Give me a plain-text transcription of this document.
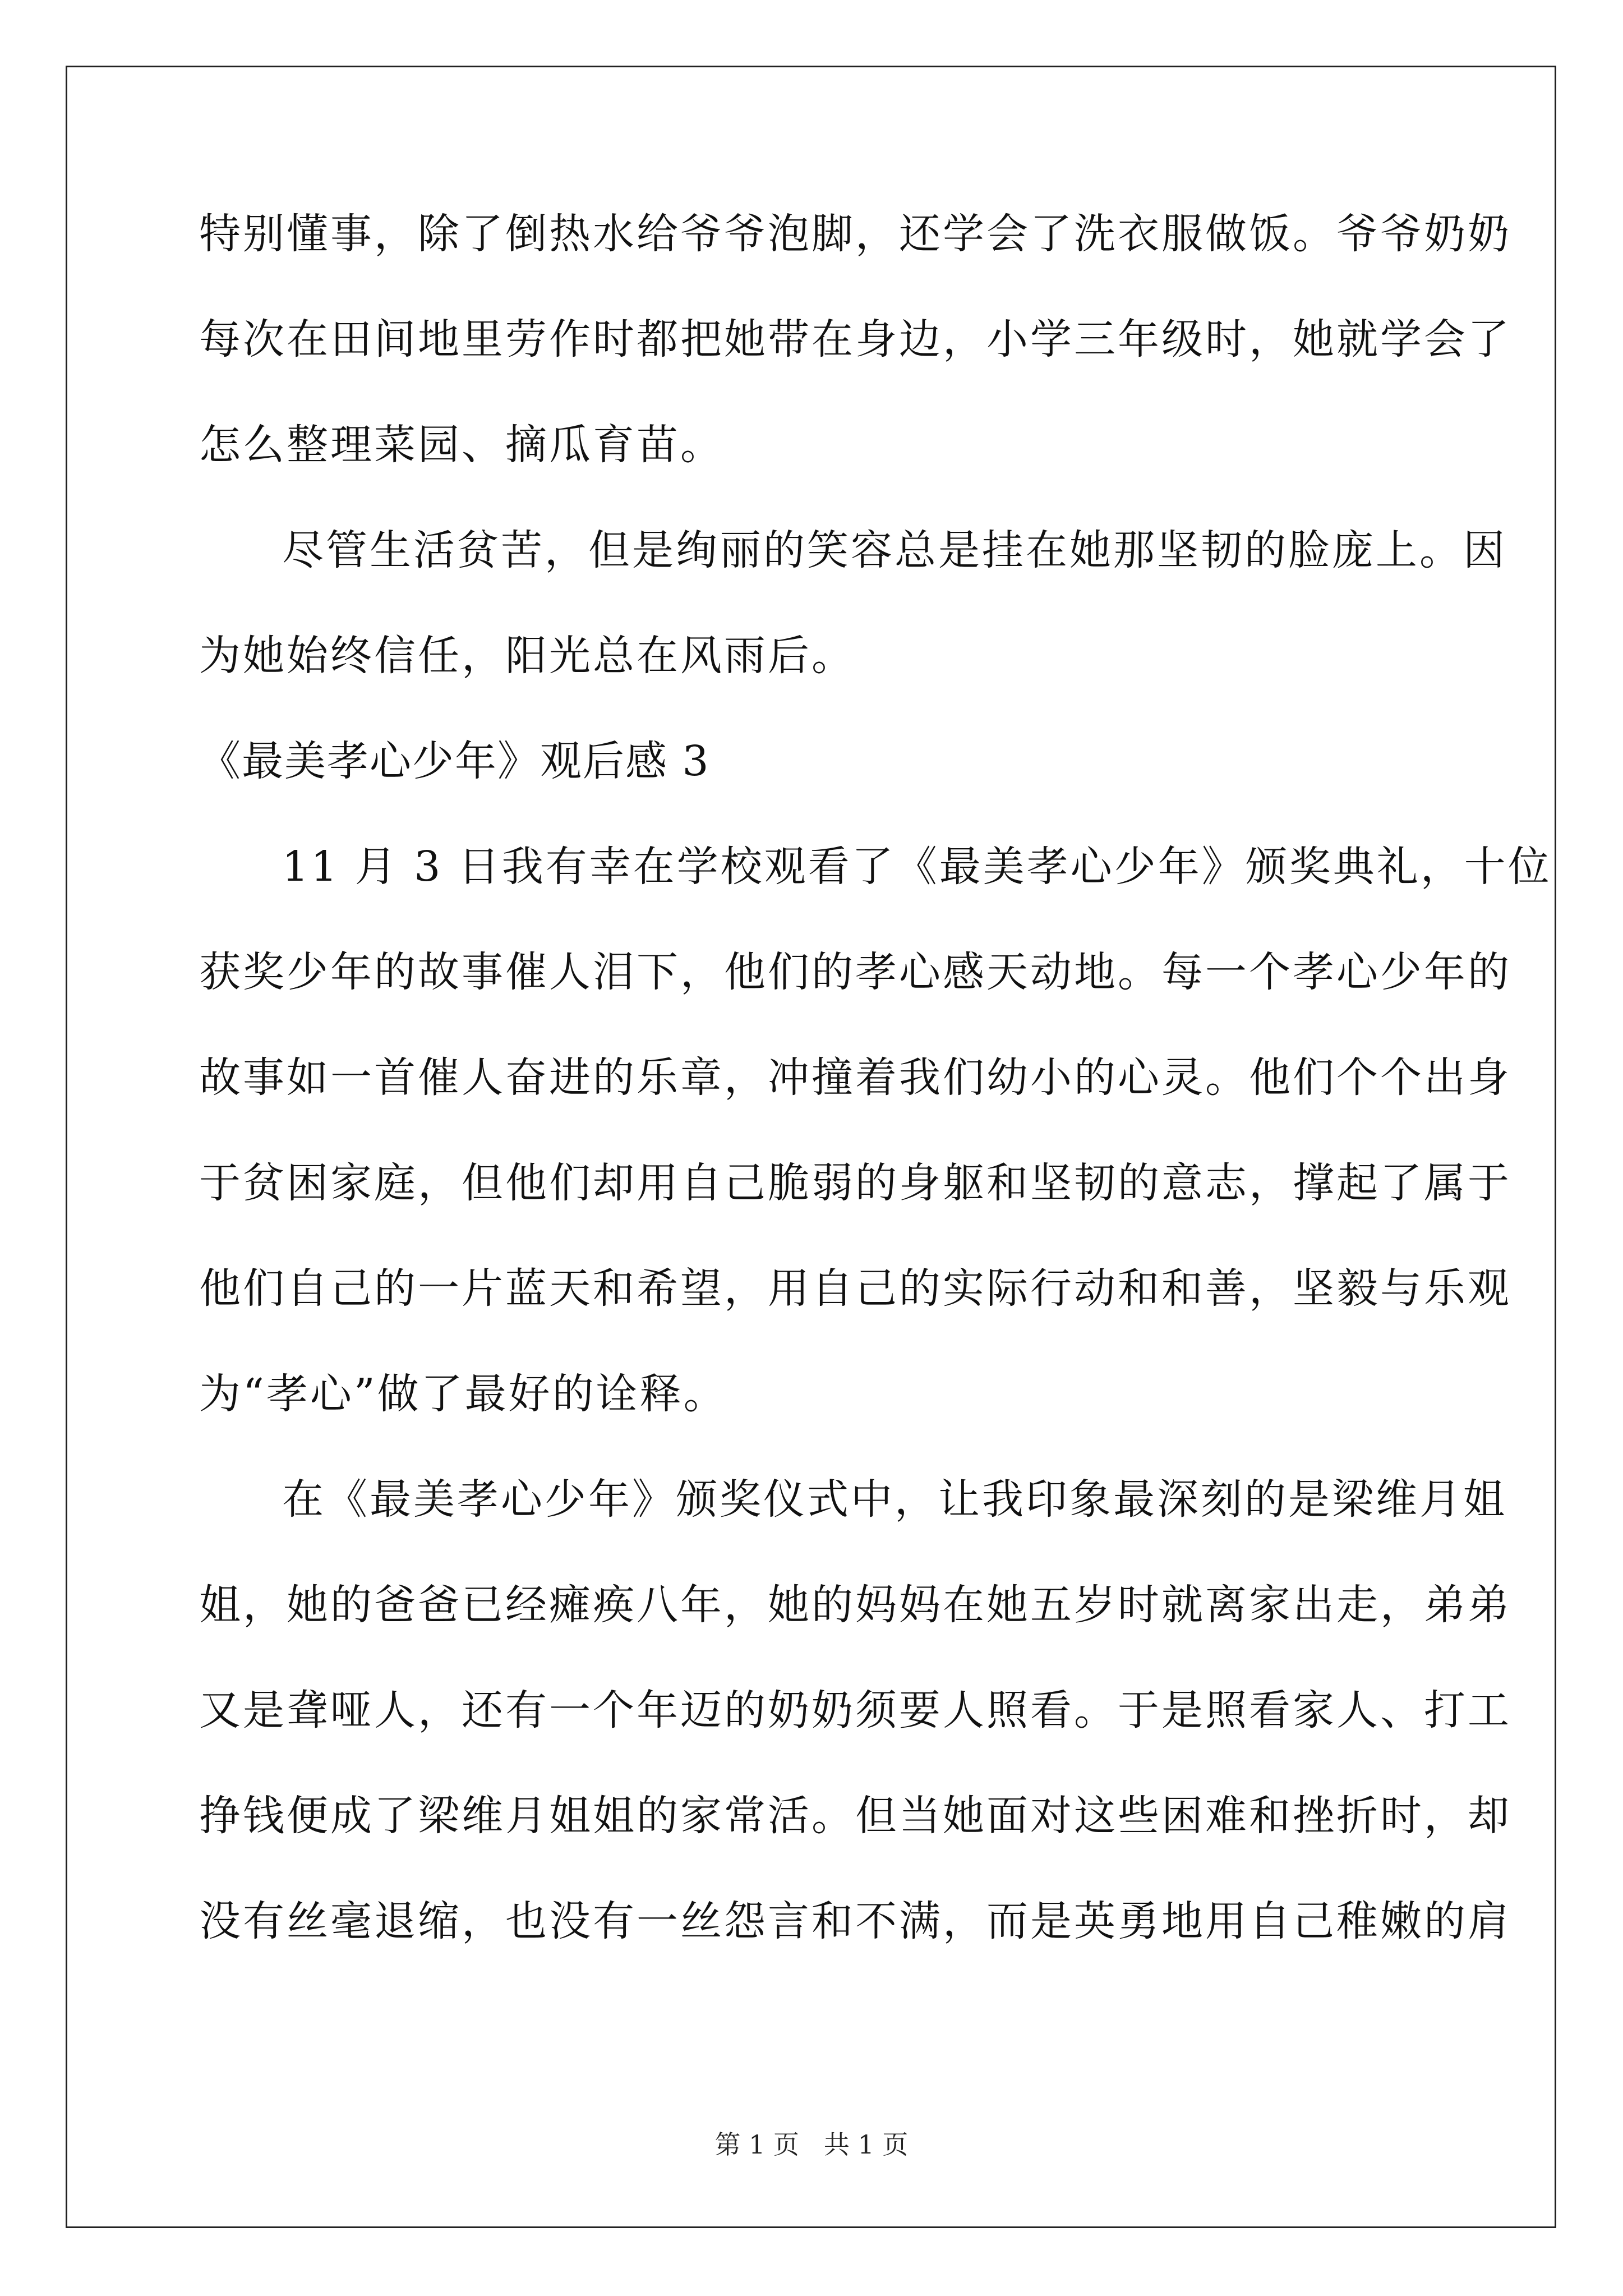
特别懂事，除了倒热水给爷爷泡脚，还学会了洗衣服做饭。爷爷奶奶
每次在田间地里劳作时都把她带在身边，小学三年级时，她就学会了
怎么整理菜园、摘瓜育苗。
尽管生活贫苦，但是绚丽的笑容总是挂在她那坚韧的脸庞上。因
为她始终信任，阳光总在风雨后。
《最美孝心少年》观后感 3
11 月 3 日我有幸在学校观看了《最美孝心少年》颁奖典礼，十位
获奖少年的故事催人泪下，他们的孝心感天动地。每一个孝心少年的
故事如一首催人奋进的乐章，冲撞着我们幼小的心灵。他们个个出身
于贫困家庭，但他们却用自己脆弱的身躯和坚韧的意志，撑起了属于
他们自己的一片蓝天和希望，用自己的实际行动和和善，坚毅与乐观
为“孝心”做了最好的诠释。
在《最美孝心少年》颁奖仪式中，让我印象最深刻的是梁维月姐
姐，她的爸爸已经瘫痪八年，她的妈妈在她五岁时就离家出走，弟弟
又是聋哑人，还有一个年迈的奶奶须要人照看。于是照看家人、打工
挣钱便成了梁维月姐姐的家常活。但当她面对这些困难和挫折时，却
没有丝毫退缩，也没有一丝怨言和不满，而是英勇地用自己稚嫩的肩
第 1 页   共 1 页
